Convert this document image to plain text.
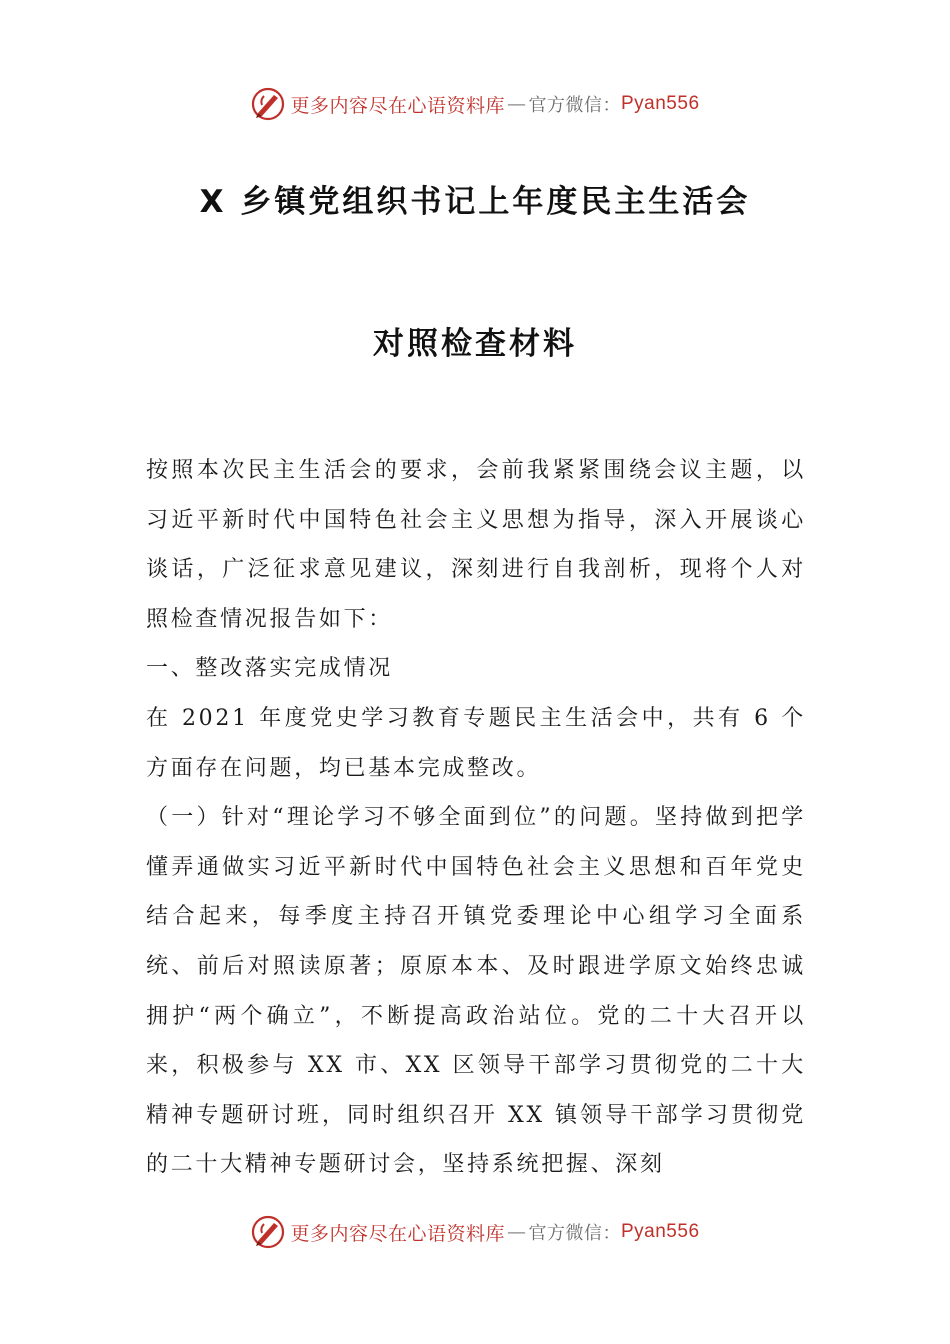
更多内容尽在心语资料库 — 官方微信： Pyan556
X 乡镇党组织书记上年度民主生活会
对照检查材料

按照本次民主生活会的要求，会前我紧紧围绕会议主题，以习近平新时代中国特色社会主义思想为指导，深入开展谈心谈话，广泛征求意见建议，深刻进行自我剖析，现将个人对照检查情况报告如下：

一、整改落实完成情况

在 2021 年度党史学习教育专题民主生活会中，共有 6 个方面存在问题，均已基本完成整改。

（一）针对“理论学习不够全面到位”的问题。坚持做到把学懂弄通做实习近平新时代中国特色社会主义思想和百年党史结合起来，每季度主持召开镇党委理论中心组学习全面系统、前后对照读原著；原原本本、及时跟进学原文始终忠诚拥护“两个确立”，不断提高政治站位。党的二十大召开以来，积极参与 XX 市、XX 区领导干部学习贯彻党的二十大精神专题研讨班，同时组织召开 XX 镇领导干部学习贯彻党的二十大精神专题研讨会，坚持系统把握、深刻

更多内容尽在心语资料库 — 官方微信： Pyan556
